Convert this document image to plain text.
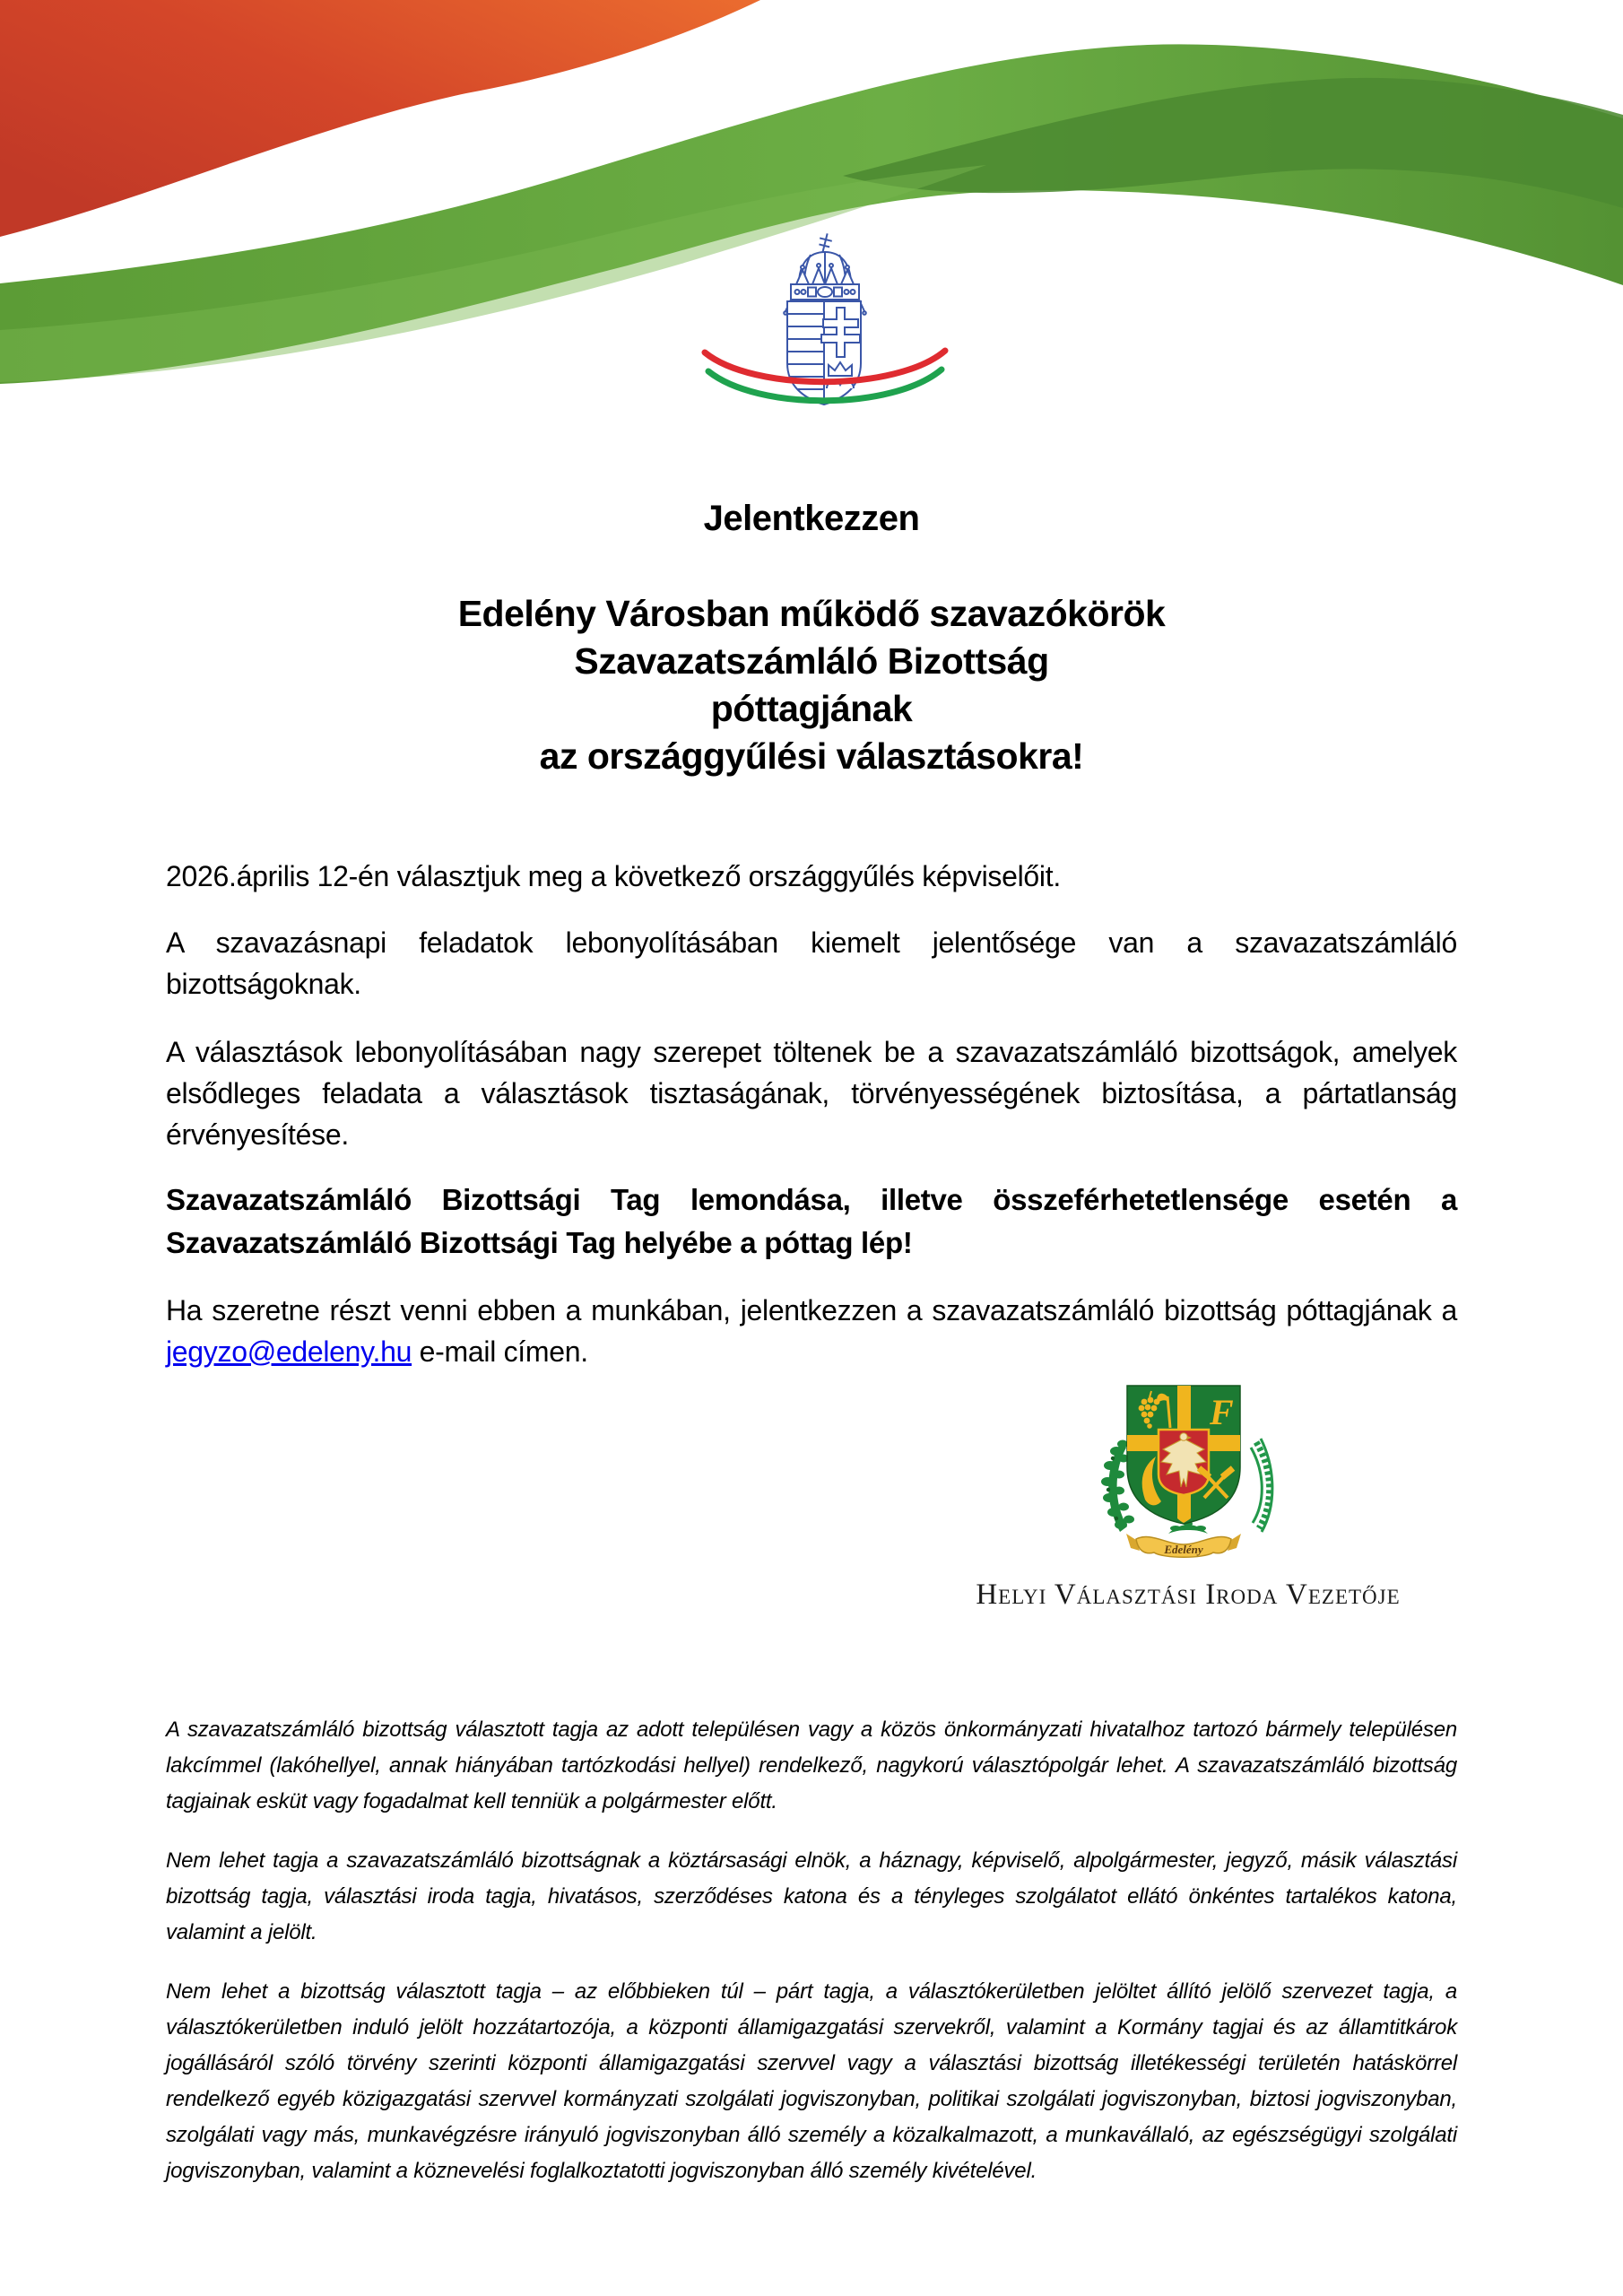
Jelentkezzen
Edelény Városban működő szavazókörök
Szavazatszámláló Bizottság
póttagjának
az országgyűlési választásokra!

2026.április 12-én választjuk meg a következő országgyűlés képviselőit.

A szavazásnapi feladatok lebonyolításában kiemelt jelentősége van a szavazatszámláló bizottságoknak.

A választások lebonyolításában nagy szerepet töltenek be a szavazatszámláló bizottságok, amelyek elsődleges feladata a választások tisztaságának, törvényességének biztosítása, a pártatlanság érvényesítése.

Szavazatszámláló Bizottsági Tag lemondása, illetve összeférhetetlensége esetén a Szavazatszámláló Bizottsági Tag helyébe a póttag lép!

Ha szeretne részt venni ebben a munkában, jelentkezzen a szavazatszámláló bizottság póttagjának a jegyzo@edeleny.hu e-mail címen.

F
Edelény
Helyi Választási Iroda Vezetője

A szavazatszámláló bizottság választott tagja az adott településen vagy a közös önkormányzati hivatalhoz tartozó bármely településen lakcímmel (lakóhellyel, annak hiányában tartózkodási hellyel) rendelkező, nagykorú választópolgár lehet. A szavazatszámláló bizottság tagjainak esküt vagy fogadalmat kell tenniük a polgármester előtt.

Nem lehet tagja a szavazatszámláló bizottságnak a köztársasági elnök, a háznagy, képviselő, alpolgármester, jegyző, másik választási bizottság tagja, választási iroda tagja, hivatásos, szerződéses katona és a tényleges szolgálatot ellátó önkéntes tartalékos katona, valamint a jelölt.

Nem lehet a bizottság választott tagja – az előbbieken túl – párt tagja, a választókerületben jelöltet állító jelölő szervezet tagja, a választókerületben induló jelölt hozzátartozója, a központi államigazgatási szervekről, valamint a Kormány tagjai és az államtitkárok jogállásáról szóló törvény szerinti központi államigazgatási szervvel vagy a választási bizottság illetékességi területén hatáskörrel rendelkező egyéb közigazgatási szervvel kormányzati szolgálati jogviszonyban, politikai szolgálati jogviszonyban, biztosi jogviszonyban, szolgálati vagy más, munkavégzésre irányuló jogviszonyban álló személy a közalkalmazott, a munkavállaló, az egészségügyi szolgálati jogviszonyban, valamint a köznevelési foglalkoztatotti jogviszonyban álló személy kivételével.
